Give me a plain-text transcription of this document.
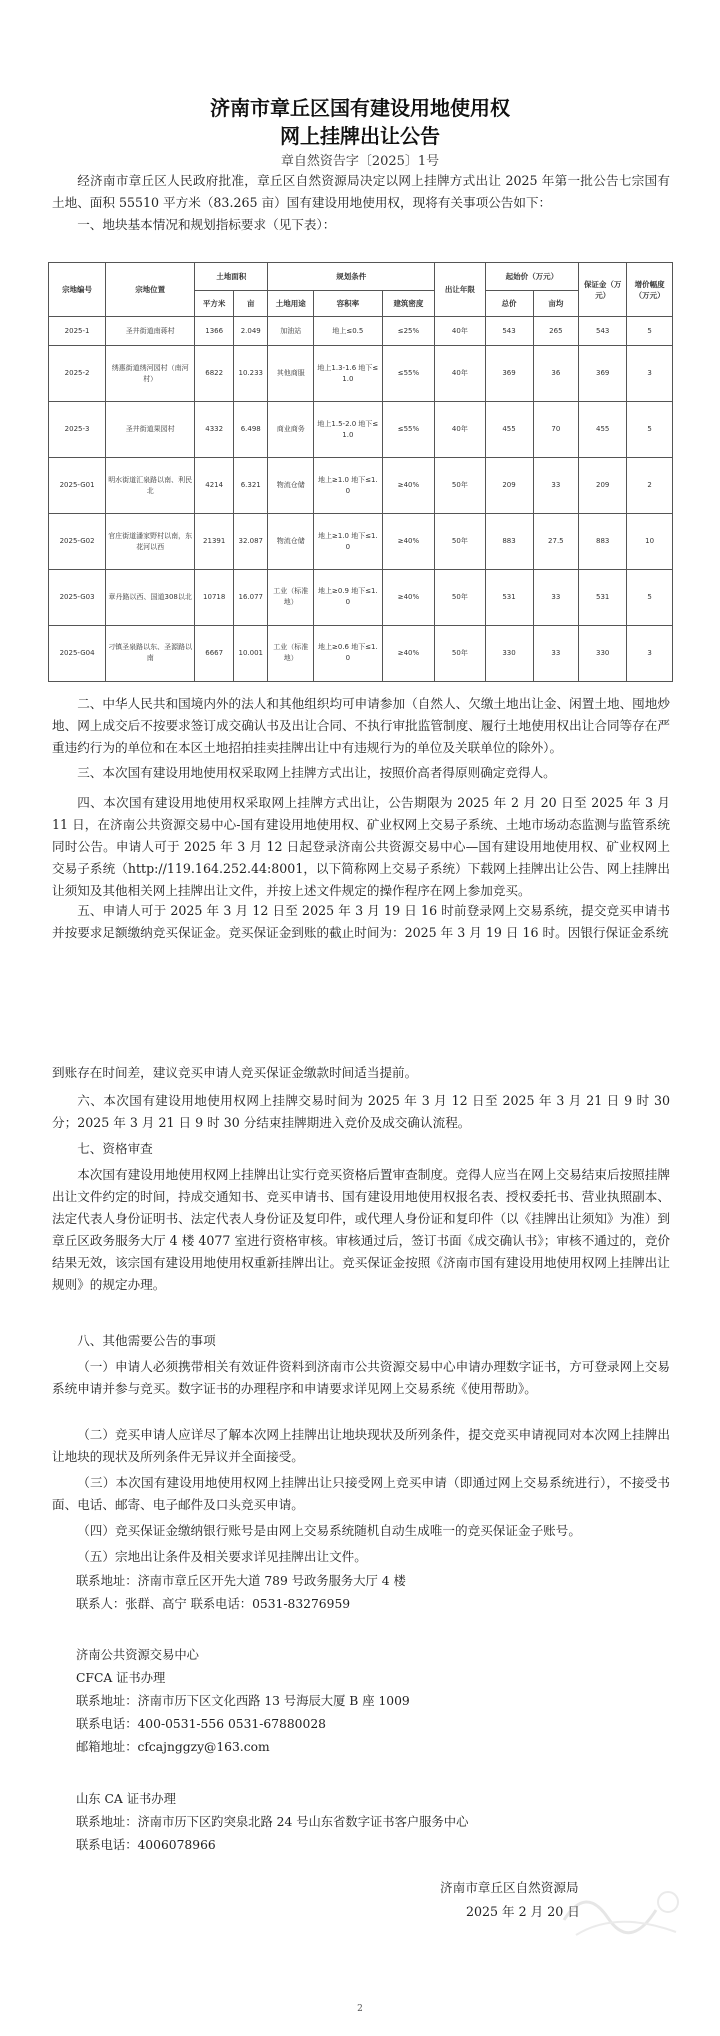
济南市章丘区国有建设用地使用权
网上挂牌出让公告
章自然资告字〔2025〕1号
经济南市章丘区人民政府批准，章丘区自然资源局决定以网上挂牌方式出让 2025 年第一批公告七宗国有土地、面积 55510 平方米（83.265 亩）国有建设用地使用权，现将有关事项公告如下：
一、地块基本情况和规划指标要求（见下表）：
宗地编号	宗地位置	土地面积		规划条件			出让年限	起始价（万元）		保证金（万元）	增价幅度（万元）
		平方米	亩	土地用途	容积率	建筑密度		总价	亩均		
2025-1	圣井街道南蒋村	1366	2.049	加油站	地上≤0.5	≤25%	40年	543	265	543	5
2025-2	绣惠街道绣河园村（南河村）	6822	10.233	其他商服	地上1.3-1.6 地下≤1.0	≤55%	40年	369	36	369	3
2025-3	圣井街道果园村	4332	6.498	商业商务	地上1.5-2.0 地下≤1.0	≤55%	40年	455	70	455	5
2025-G01	明水街道汇泉路以南、利民北	4214	6.321	物流仓储	地上≥1.0 地下≤1.0	≥40%	50年	209	33	209	2
2025-G02	官庄街道潘家野村以南，东花河以西	21391	32.087	物流仓储	地上≥1.0 地下≤1.0	≥40%	50年	883	27.5	883	10
2025-G03	章丹路以西、国道308以北	10718	16.077	工业（标准地）	地上≥0.9 地下≤1.0	≥40%	50年	531	33	531	5
2025-G04	刁镇圣泉路以东、圣源路以南	6667	10.001	工业（标准地）	地上≥0.6 地下≤1.0	≥40%	50年	330	33	330	3
二、中华人民共和国境内外的法人和其他组织均可申请参加（自然人、欠缴土地出让金、闲置土地、囤地炒地、网上成交后不按要求签订成交确认书及出让合同、不执行审批监管制度、履行土地使用权出让合同等存在严重违约行为的单位和在本区土地招拍挂卖挂牌出让中有违规行为的单位及关联单位的除外）。
三、本次国有建设用地使用权采取网上挂牌方式出让，按照价高者得原则确定竞得人。
四、本次国有建设用地使用权采取网上挂牌方式出让，公告期限为 2025 年 2 月 20 日至 2025 年 3 月 11 日，在济南公共资源交易中心-国有建设用地使用权、矿业权网上交易子系统、土地市场动态监测与监管系统同时公告。申请人可于 2025 年 3 月 12 日起登录济南公共资源交易中心—国有建设用地使用权、矿业权网上交易子系统（http://119.164.252.44:8001，以下简称网上交易子系统）下载网上挂牌出让公告、网上挂牌出让须知及其他相关网上挂牌出让文件，并按上述文件规定的操作程序在网上参加竞买。
五、申请人可于 2025 年 3 月 12 日至 2025 年 3 月 19 日 16 时前登录网上交易系统，提交竞买申请书并按要求足额缴纳竞买保证金。竞买保证金到账的截止时间为：2025 年 3 月 19 日 16 时。因银行保证金系统
到账存在时间差，建议竞买申请人竞买保证金缴款时间适当提前。
六、本次国有建设用地使用权网上挂牌交易时间为 2025 年 3 月 12 日至 2025 年 3 月 21 日 9 时 30 分；2025 年 3 月 21 日 9 时 30 分结束挂牌期进入竞价及成交确认流程。
七、资格审查
本次国有建设用地使用权网上挂牌出让实行竞买资格后置审查制度。竞得人应当在网上交易结束后按照挂牌出让文件约定的时间，持成交通知书、竞买申请书、国有建设用地使用权报名表、授权委托书、营业执照副本、法定代表人身份证明书、法定代表人身份证及复印件，或代理人身份证和复印件（以《挂牌出让须知》为准）到章丘区政务服务大厅 4 楼 4077 室进行资格审核。审核通过后，签订书面《成交确认书》；审核不通过的，竞价结果无效，该宗国有建设用地使用权重新挂牌出让。竞买保证金按照《济南市国有建设用地使用权网上挂牌出让规则》的规定办理。
八、其他需要公告的事项
（一）申请人必须携带相关有效证件资料到济南市公共资源交易中心申请办理数字证书，方可登录网上交易系统申请并参与竞买。数字证书的办理程序和申请要求详见网上交易系统《使用帮助》。
（二）竞买申请人应详尽了解本次网上挂牌出让地块现状及所列条件，提交竞买申请视同对本次网上挂牌出让地块的现状及所列条件无异议并全面接受。
（三）本次国有建设用地使用权网上挂牌出让只接受网上竞买申请（即通过网上交易系统进行），不接受书面、电话、邮寄、电子邮件及口头竞买申请。
（四）竞买保证金缴纳银行账号是由网上交易系统随机自动生成唯一的竞买保证金子账号。
（五）宗地出让条件及相关要求详见挂牌出让文件。
联系地址：济南市章丘区开先大道 789 号政务服务大厅 4 楼
联系人：张群、高宁 联系电话：0531-83276959
济南公共资源交易中心
CFCA 证书办理
联系地址：济南市历下区文化西路 13 号海辰大厦 B 座 1009
联系电话：400-0531-556 0531-67880028
邮箱地址：cfcajnggzy@163.com
山东 CA 证书办理
联系地址：济南市历下区趵突泉北路 24 号山东省数字证书客户服务中心
联系电话：4006078966
济南市章丘区自然资源局
2025 年 2 月 20 日
2
